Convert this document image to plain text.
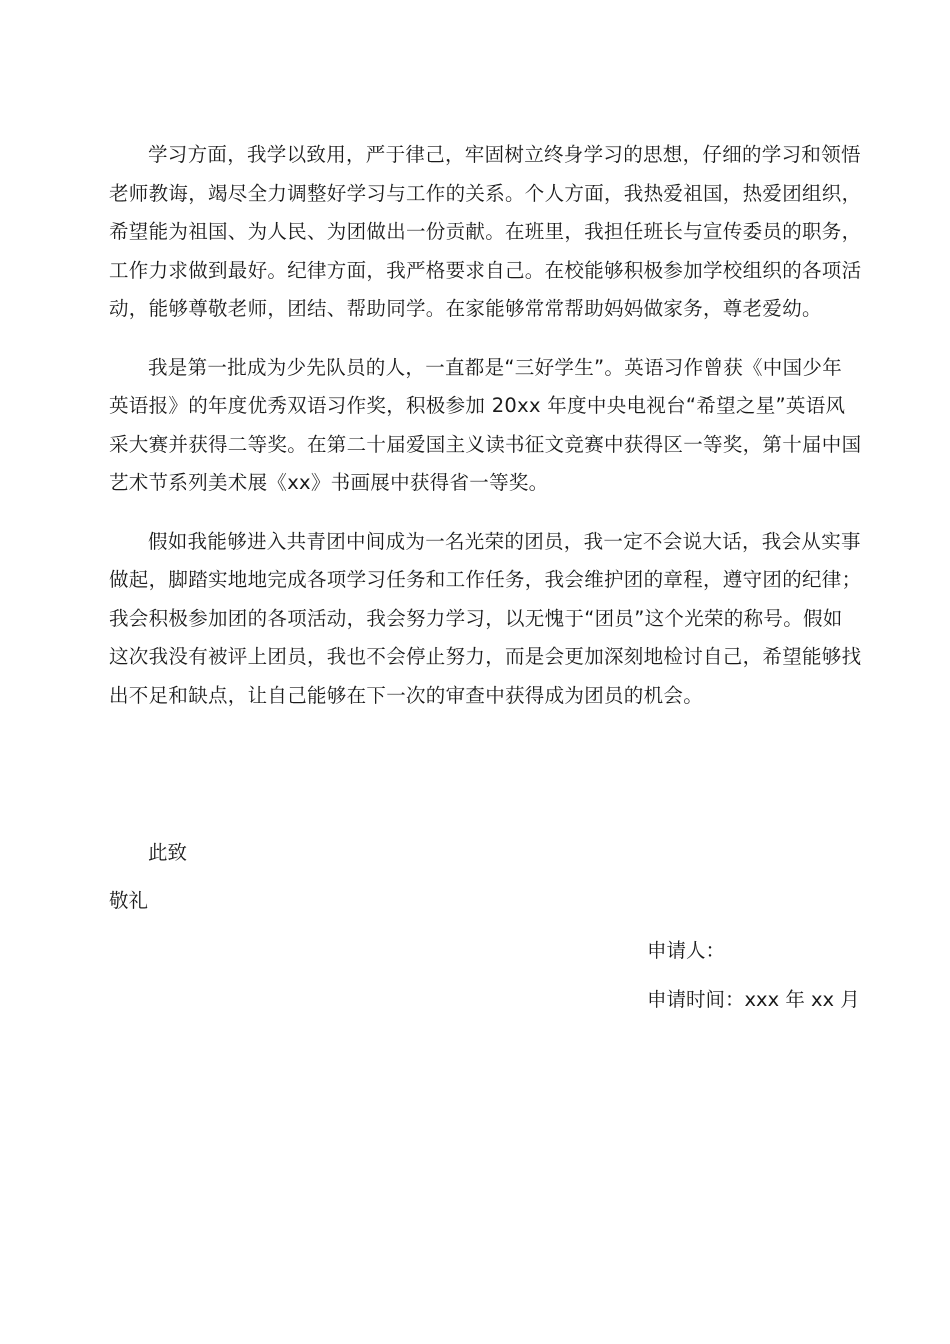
学习方面，我学以致用，严于律己，牢固树立终身学习的思想，仔细的学习和领悟
老师教诲，竭尽全力调整好学习与工作的关系。个人方面，我热爱祖国，热爱团组织，
希望能为祖国、为人民、为团做出一份贡献。在班里，我担任班长与宣传委员的职务，
工作力求做到最好。纪律方面，我严格要求自己。在校能够积极参加学校组织的各项活
动，能够尊敬老师，团结、帮助同学。在家能够常常帮助妈妈做家务，尊老爱幼。
我是第一批成为少先队员的人，一直都是“三好学生”。英语习作曾获《中国少年
英语报》的年度优秀双语习作奖，积极参加 20xx 年度中央电视台“希望之星”英语风
采大赛并获得二等奖。在第二十届爱国主义读书征文竞赛中获得区一等奖，第十届中国
艺术节系列美术展《xx》书画展中获得省一等奖。
假如我能够进入共青团中间成为一名光荣的团员，我一定不会说大话，我会从实事
做起，脚踏实地地完成各项学习任务和工作任务，我会维护团的章程，遵守团的纪律；
我会积极参加团的各项活动，我会努力学习，以无愧于“团员”这个光荣的称号。假如
这次我没有被评上团员，我也不会停止努力，而是会更加深刻地检讨自己，希望能够找
出不足和缺点，让自己能够在下一次的审查中获得成为团员的机会。
此致
敬礼
申请人：
申请时间：xxx 年 xx 月
